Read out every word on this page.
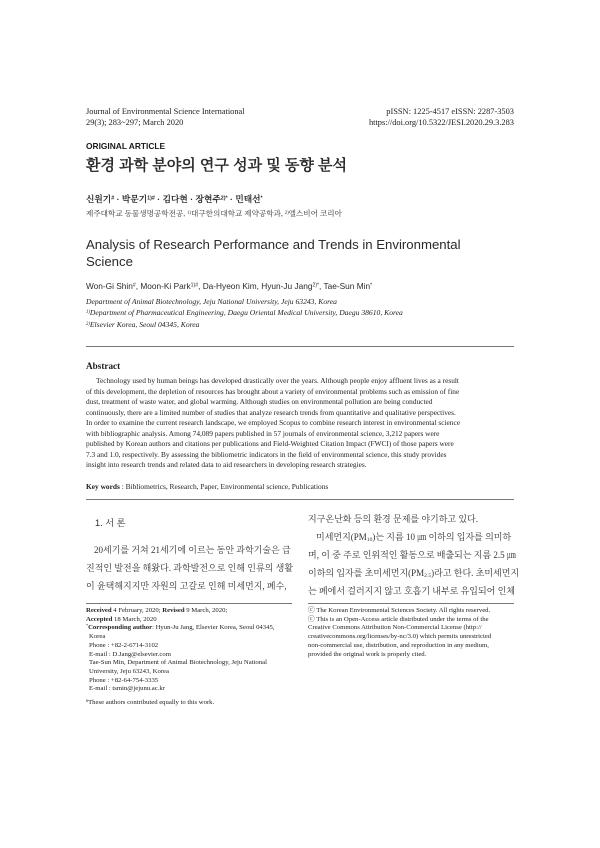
Journal of Environmental Science International
29(3); 283~297; March 2020
pISSN: 1225-4517 eISSN: 2287-3503
https://doi.org/10.5322/JESI.2020.29.3.283
ORIGINAL ARTICLE
환경 과학 분야의 연구 성과 및 동향 분석
신원기# · 박문기$^{1)\#}$ · 김다현 · 장현주$^{2)*}$ · 민태선*
제주대학교 동물생명공학전공, $^{1)}$대구한의대학교 제약공학과, $^{2)}$엘스비어 코리아
Analysis of Research Performance and Trends in Environmental
Science
Won-Gi Shin#, Moon-Ki Park$^{1)\#}$, Da-Hyeon Kim, Hyun-Ju Jang$^{2)*}$, Tae-Sun Min*
Department of Animal Biotechnology, Jeju National University, Jeju 63243, Korea
$^{1)}$Department of Pharmaceutical Engineering, Daegu Oriental Medical University, Daegu 38610, Korea
$^{2)}$Elsevier Korea, Seoul 04345, Korea
Abstract
Technology used by human beings has developed drastically over the years. Although people enjoy affluent lives as a result
of this development, the depletion of resources has brought about a variety of environmental problems such as emission of fine
dust, treatment of waste water, and global warming. Although studies on environmental pollution are being conducted
continuously, there are a limited number of studies that analyze research trends from quantitative and qualitative perspectives.
In order to examine the current research landscape, we employed Scopus to combine research interest in environmental science
with bibliographic analysis. Among 74,089 papers published in 57 journals of environmental science, 3,212 papers were
published by Korean authors and citations per publications and Field-Weighted Citation Impact (FWCI) of those papers were
7.3 and 1.0, respectively. By assessing the bibliometric indicators in the field of environmental science, this study provides
insight into research trends and related data to aid researchers in developing research strategies.
Key words : Bibliometrics, Research, Paper, Environmental science, Publications
1. 서 론
20세기를 거쳐 21세기에 이르는 동안 과학기술은 급
진적인 발전을 해왔다. 과학발전으로 인해 인류의 생활
이 윤택해지지만 자원의 고갈로 인해 미세먼지, 폐수,
지구온난화 등의 환경 문제를 야기하고 있다.
미세먼지$(PM_{10})$는 지름 10 ㎛ 이하의 입자를 의미하
며, 이 중 주로 인위적인 활동으로 배출되는 지름 2.5 ㎛
이하의 입자를 초미세먼지$(PM_{2.5})$라고 한다. 초미세먼지
는 폐에서 걸러지지 않고 호흡기 내부로 유입되어 인체
Received 4 February, 2020; Revised 9 March, 2020;
Accepted 18 March, 2020
*Corresponding author: Hyun-Ju Jang, Elsevier Korea, Seoul 04345,
Korea
Phone : +82-2-6714-3102
E-mail : D.Jang@elsevier.com
Tae-Sun Min, Department of Animal Biotechnology, Jeju National
University, Jeju 63243, Korea
Phone : +82-64-754-3335
E-mail : tsmin@jejunu.ac.kr
#These authors contributed equally to this work.
ⓒ The Korean Environmental Sciences Society. All rights reserved.
ⓒ This is an Open-Access article distributed under the terms of the
Creative Commons Attribution Non-Commercial License (http://
creativecommons.org/licenses/by-nc/3.0) which permits unrestricted
non-commercial use, distribution, and reproduction in any medium,
provided the original work is properly cited.
